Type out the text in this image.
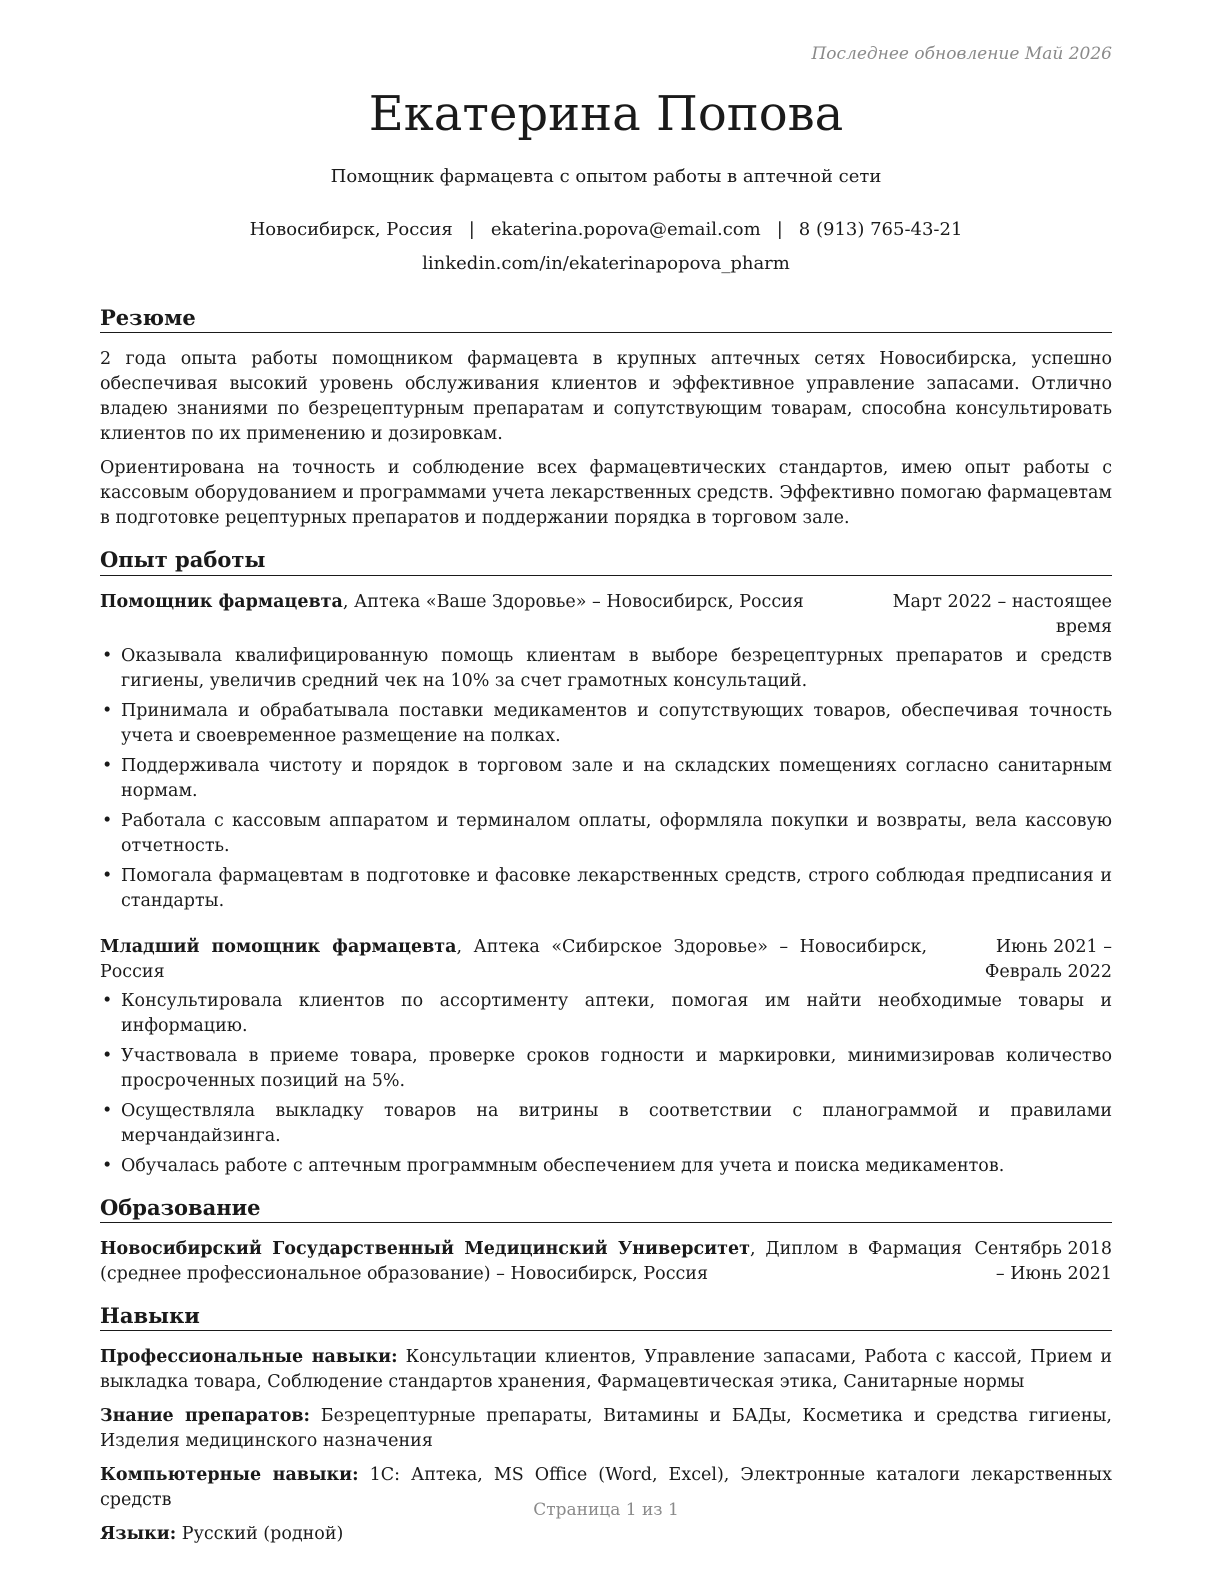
Последнее обновление Май 2026
Екатерина Попова
Помощник фармацевта с опытом работы в аптечной сети
Новосибирск, Россия | ekaterina.popova@email.com | 8 (913) 765-43-21
linkedin.com/in/ekaterinapopova_pharm
Резюме

2 года опыта работы помощником фармацевта в крупных аптечных сетях Новосибирска, успешно обеспечивая высокий уровень обслуживания клиентов и эффективное управление запасами. Отлично владею знаниями по безрецептурным препаратам и сопутствующим товарам, способна консультировать клиентов по их применению и дозировкам.

Ориентирована на точность и соблюдение всех фармацевтических стандартов, имею опыт работы с кассовым оборудованием и программами учета лекарственных средств. Эффективно помогаю фармацевтам в подготовке рецептурных препаратов и поддержании порядка в торговом зале.

Опыт работы
Помощник фармацевта, Аптека «Ваше Здоровье» – Новосибирск, Россия	Март 2022 – настоящее время
• Оказывала квалифицированную помощь клиентам в выборе безрецептурных препаратов и средств гигиены, увеличив средний чек на 10% за счет грамотных консультаций.
• Принимала и обрабатывала поставки медикаментов и сопутствующих товаров, обеспечивая точность учета и своевременное размещение на полках.
• Поддерживала чистоту и порядок в торговом зале и на складских помещениях согласно санитарным нормам.
• Работала с кассовым аппаратом и терминалом оплаты, оформляла покупки и возвраты, вела кассовую отчетность.
• Помогала фармацевтам в подготовке и фасовке лекарственных средств, строго соблюдая предписания и стандарты.
Младший помощник фармацевта, Аптека «Сибирское Здоровье» – Новосибирск, Россия
Июнь 2021 – Февраль 2022
• Консультировала клиентов по ассортименту аптеки, помогая им найти необходимые товары и информацию.
• Участвовала в приеме товара, проверке сроков годности и маркировки, минимизировав количество просроченных позиций на 5%.
• Осуществляла выкладку товаров на витрины в соответствии с планограммой и правилами мерчандайзинга.
• Обучалась работе с аптечным программным обеспечением для учета и поиска медикаментов.
Образование
Новосибирский Государственный Медицинский Университет, Диплом в Фармация (среднее профессиональное образование) – Новосибирск, Россия
Сентябрь 2018 – Июнь 2021
Навыки
Профессиональные навыки: Консультации клиентов, Управление запасами, Работа с кассой, Прием и выкладка товара, Соблюдение стандартов хранения, Фармацевтическая этика, Санитарные нормы
Знание препаратов: Безрецептурные препараты, Витамины и БАДы, Косметика и средства гигиены, Изделия медицинского назначения
Компьютерные навыки: 1С: Аптека, MS Office (Word, Excel), Электронные каталоги лекарственных средств
Языки: Русский (родной)
Страница 1 из 1
